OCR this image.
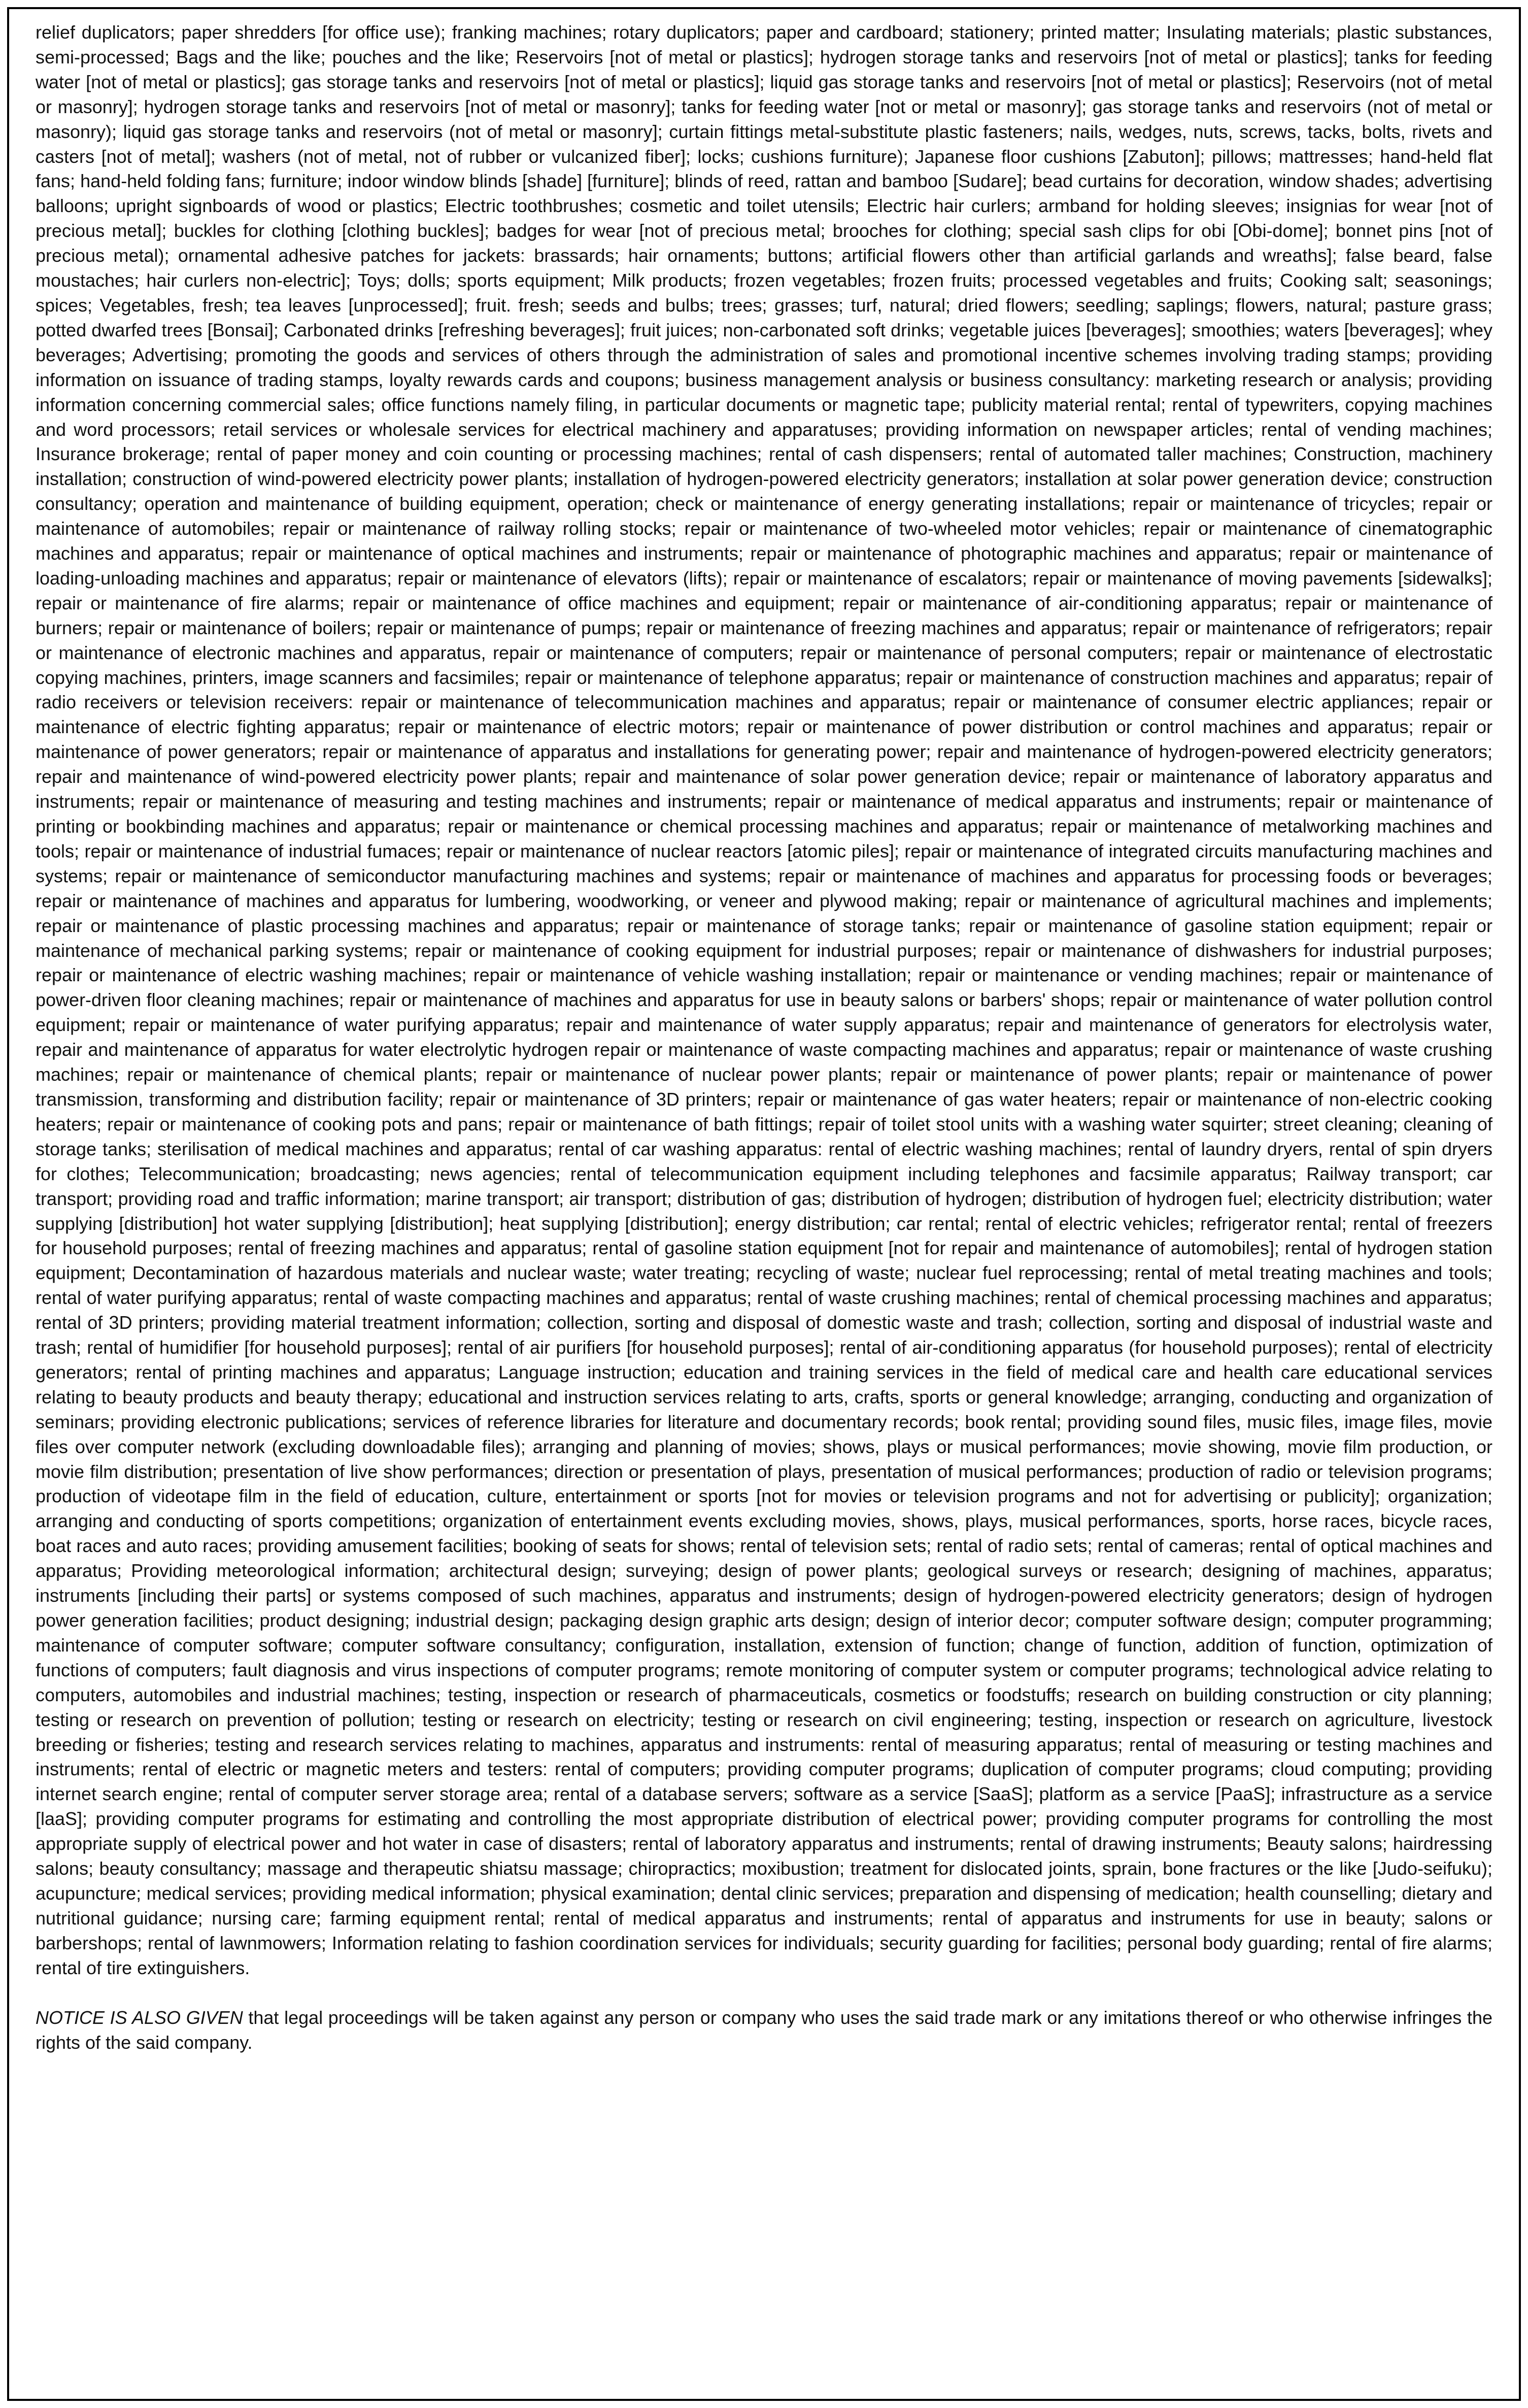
relief duplicators; paper shredders [for office use); franking machines; rotary duplicators; paper and cardboard; stationery; printed matter; Insulating materials; plastic substances, semi-processed; Bags and the like; pouches and the like; Reservoirs [not of metal or plastics]; hydrogen storage tanks and reservoirs [not of metal or plastics]; tanks for feeding water [not of metal or plastics]; gas storage tanks and reservoirs [not of metal or plastics]; liquid gas storage tanks and reservoirs [not of metal or plastics]; Reservoirs (not of metal or masonry]; hydrogen storage tanks and reservoirs [not of metal or masonry]; tanks for feeding water [not or metal or masonry]; gas storage tanks and reservoirs (not of metal or masonry); liquid gas storage tanks and reservoirs (not of metal or masonry]; curtain fittings metal-substitute plastic fasteners; nails, wedges, nuts, screws, tacks, bolts, rivets and casters [not of metal]; washers (not of metal, not of rubber or vulcanized fiber]; locks; cushions furniture); Japanese floor cushions [Zabuton]; pillows; mattresses; hand-held flat fans; hand-held folding fans; furniture; indoor window blinds [shade] [furniture]; blinds of reed, rattan and bamboo [Sudare]; bead curtains for decoration, window shades; advertising balloons; upright signboards of wood or plastics; Electric toothbrushes; cosmetic and toilet utensils; Electric hair curlers; armband for holding sleeves; insignias for wear [not of precious metal]; buckles for clothing [clothing buckles]; badges for wear [not of precious metal; brooches for clothing; special sash clips for obi [Obi-dome]; bonnet pins [not of precious metal); ornamental adhesive patches for jackets: brassards; hair ornaments; buttons; artificial flowers other than artificial garlands and wreaths]; false beard, false moustaches; hair curlers non-electric]; Toys; dolls; sports equipment; Milk products; frozen vegetables; frozen fruits; processed vegetables and fruits; Cooking salt; seasonings; spices; Vegetables, fresh; tea leaves [unprocessed]; fruit. fresh; seeds and bulbs; trees; grasses; turf, natural; dried flowers; seedling; saplings; flowers, natural; pasture grass; potted dwarfed trees [Bonsai]; Carbonated drinks [refreshing beverages]; fruit juices; non-carbonated soft drinks; vegetable juices [beverages]; smoothies; waters [beverages]; whey beverages; Advertising; promoting the goods and services of others through the administration of sales and promotional incentive schemes involving trading stamps; providing information on issuance of trading stamps, loyalty rewards cards and coupons; business management analysis or business consultancy: marketing research or analysis; providing information concerning commercial sales; office functions namely filing, in particular documents or magnetic tape; publicity material rental; rental of typewriters, copying machines and word processors; retail services or wholesale services for electrical machinery and apparatuses; providing information on newspaper articles; rental of vending machines; Insurance brokerage; rental of paper money and coin counting or processing machines; rental of cash dispensers; rental of automated taller machines; Construction, machinery installation; construction of wind-powered electricity power plants; installation of hydrogen-powered electricity generators; installation at solar power generation device; construction consultancy; operation and maintenance of building equipment, operation; check or maintenance of energy generating installations; repair or maintenance of tricycles; repair or maintenance of automobiles; repair or maintenance of railway rolling stocks; repair or maintenance of two-wheeled motor vehicles; repair or maintenance of cinematographic machines and apparatus; repair or maintenance of optical machines and instruments; repair or maintenance of photographic machines and apparatus; repair or maintenance of loading-unloading machines and apparatus; repair or maintenance of elevators (lifts); repair or maintenance of escalators; repair or maintenance of moving pavements [sidewalks]; repair or maintenance of fire alarms; repair or maintenance of office machines and equipment; repair or maintenance of air-conditioning apparatus; repair or maintenance of burners; repair or maintenance of boilers; repair or maintenance of pumps; repair or maintenance of freezing machines and apparatus; repair or maintenance of refrigerators; repair or maintenance of electronic machines and apparatus, repair or maintenance of computers; repair or maintenance of personal computers; repair or maintenance of electrostatic copying machines, printers, image scanners and facsimiles; repair or maintenance of telephone apparatus; repair or maintenance of construction machines and apparatus; repair of radio receivers or television receivers: repair or maintenance of telecommunication machines and apparatus; repair or maintenance of consumer electric appliances; repair or maintenance of electric fighting apparatus; repair or maintenance of electric motors; repair or maintenance of power distribution or control machines and apparatus; repair or maintenance of power generators; repair or maintenance of apparatus and installations for generating power; repair and maintenance of hydrogen-powered electricity generators; repair and maintenance of wind-powered electricity power plants; repair and maintenance of solar power generation device; repair or maintenance of laboratory apparatus and instruments; repair or maintenance of measuring and testing machines and instruments; repair or maintenance of medical apparatus and instruments; repair or maintenance of printing or bookbinding machines and apparatus; repair or maintenance or chemical processing machines and apparatus; repair or maintenance of metalworking machines and tools; repair or maintenance of industrial fumaces; repair or maintenance of nuclear reactors [atomic piles]; repair or maintenance of integrated circuits manufacturing machines and systems; repair or maintenance of semiconductor manufacturing machines and systems; repair or maintenance of machines and apparatus for processing foods or beverages; repair or maintenance of machines and apparatus for lumbering, woodworking, or veneer and plywood making; repair or maintenance of agricultural machines and implements; repair or maintenance of plastic processing machines and apparatus; repair or maintenance of storage tanks; repair or maintenance of gasoline station equipment; repair or maintenance of mechanical parking systems; repair or maintenance of cooking equipment for industrial purposes; repair or maintenance of dishwashers for industrial purposes; repair or maintenance of electric washing machines; repair or maintenance of vehicle washing installation; repair or maintenance or vending machines; repair or maintenance of power-driven floor cleaning machines; repair or maintenance of machines and apparatus for use in beauty salons or barbers' shops; repair or maintenance of water pollution control equipment; repair or maintenance of water purifying apparatus; repair and maintenance of water supply apparatus; repair and maintenance of generators for electrolysis water, repair and maintenance of apparatus for water electrolytic hydrogen repair or maintenance of waste compacting machines and apparatus; repair or maintenance of waste crushing machines; repair or maintenance of chemical plants; repair or maintenance of nuclear power plants; repair or maintenance of power plants; repair or maintenance of power transmission, transforming and distribution facility; repair or maintenance of 3D printers; repair or maintenance of gas water heaters; repair or maintenance of non-electric cooking heaters; repair or maintenance of cooking pots and pans; repair or maintenance of bath fittings; repair of toilet stool units with a washing water squirter; street cleaning; cleaning of storage tanks; sterilisation of medical machines and apparatus; rental of car washing apparatus: rental of electric washing machines; rental of laundry dryers, rental of spin dryers for clothes; Telecommunication; broadcasting; news agencies; rental of telecommunication equipment including telephones and facsimile apparatus; Railway transport; car transport; providing road and traffic information; marine transport; air transport; distribution of gas; distribution of hydrogen; distribution of hydrogen fuel; electricity distribution; water supplying [distribution] hot water supplying [distribution]; heat supplying [distribution]; energy distribution; car rental; rental of electric vehicles; refrigerator rental; rental of freezers for household purposes; rental of freezing machines and apparatus; rental of gasoline station equipment [not for repair and maintenance of automobiles]; rental of hydrogen station equipment; Decontamination of hazardous materials and nuclear waste; water treating; recycling of waste; nuclear fuel reprocessing; rental of metal treating machines and tools; rental of water purifying apparatus; rental of waste compacting machines and apparatus; rental of waste crushing machines; rental of chemical processing machines and apparatus; rental of 3D printers; providing material treatment information; collection, sorting and disposal of domestic waste and trash; collection, sorting and disposal of industrial waste and trash; rental of humidifier [for household purposes]; rental of air purifiers [for household purposes]; rental of air-conditioning apparatus (for household purposes); rental of electricity generators; rental of printing machines and apparatus; Language instruction; education and training services in the field of medical care and health care educational services relating to beauty products and beauty therapy; educational and instruction services relating to arts, crafts, sports or general knowledge; arranging, conducting and organization of seminars; providing electronic publications; services of reference libraries for literature and documentary records; book rental; providing sound files, music files, image files, movie files over computer network (excluding downloadable files); arranging and planning of movies; shows, plays or musical performances; movie showing, movie film production, or movie film distribution; presentation of live show performances; direction or presentation of plays, presentation of musical performances; production of radio or television programs; production of videotape film in the field of education, culture, entertainment or sports [not for movies or television programs and not for advertising or publicity]; organization; arranging and conducting of sports competitions; organization of entertainment events excluding movies, shows, plays, musical performances, sports, horse races, bicycle races, boat races and auto races; providing amusement facilities; booking of seats for shows; rental of television sets; rental of radio sets; rental of cameras; rental of optical machines and apparatus; Providing meteorological information; architectural design; surveying; design of power plants; geological surveys or research; designing of machines, apparatus; instruments [including their parts] or systems composed of such machines, apparatus and instruments; design of hydrogen-powered electricity generators; design of hydrogen power generation facilities; product designing; industrial design; packaging design graphic arts design; design of interior decor; computer software design; computer programming; maintenance of computer software; computer software consultancy; configuration, installation, extension of function; change of function, addition of function, optimization of functions of computers; fault diagnosis and virus inspections of computer programs; remote monitoring of computer system or computer programs; technological advice relating to computers, automobiles and industrial machines; testing, inspection or research of pharmaceuticals, cosmetics or foodstuffs; research on building construction or city planning; testing or research on prevention of pollution; testing or research on electricity; testing or research on civil engineering; testing, inspection or research on agriculture, livestock breeding or fisheries; testing and research services relating to machines, apparatus and instruments: rental of measuring apparatus; rental of measuring or testing machines and instruments; rental of electric or magnetic meters and testers: rental of computers; providing computer programs; duplication of computer programs; cloud computing; providing internet search engine; rental of computer server storage area; rental of a database servers; software as a service [SaaS]; platform as a service [PaaS]; infrastructure as a service [laaS]; providing computer programs for estimating and controlling the most appropriate distribution of electrical power; providing computer programs for controlling the most appropriate supply of electrical power and hot water in case of disasters; rental of laboratory apparatus and instruments; rental of drawing instruments; Beauty salons; hairdressing salons; beauty consultancy; massage and therapeutic shiatsu massage; chiropractics; moxibustion; treatment for dislocated joints, sprain, bone fractures or the like [Judo-seifuku); acupuncture; medical services; providing medical information; physical examination; dental clinic services; preparation and dispensing of medication; health counselling; dietary and nutritional guidance; nursing care; farming equipment rental; rental of medical apparatus and instruments; rental of apparatus and instruments for use in beauty; salons or barbershops; rental of lawnmowers; Information relating to fashion coordination services for individuals; security guarding for facilities; personal body guarding; rental of fire alarms; rental of tire extinguishers.

NOTICE IS ALSO GIVEN that legal proceedings will be taken against any person or company who uses the said trade mark or any imitations thereof or who otherwise infringes the rights of the said company.
